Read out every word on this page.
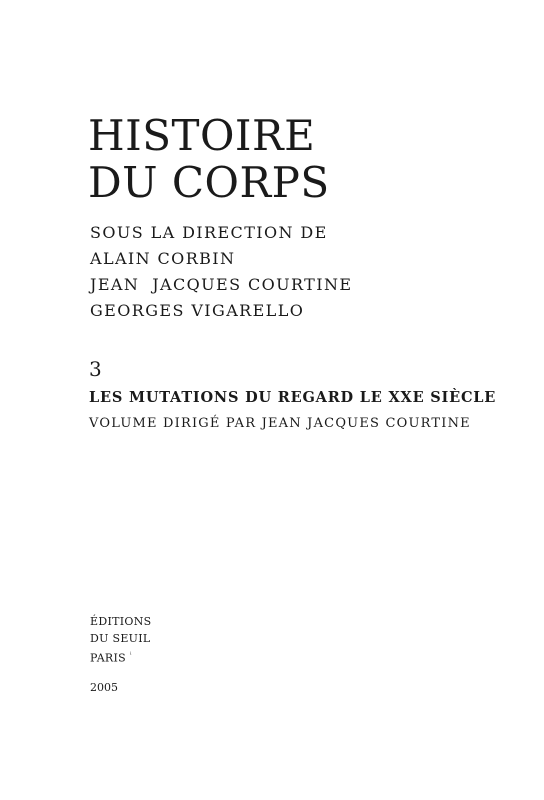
HISTOIRE
DU CORPS
SOUS LA DIRECTION DE
ALAIN CORBIN
JEAN  JACQUES COURTINE
GEORGES VIGARELLO
3
LES MUTATIONS DU REGARD LE XXE SIÈCLE
VOLUME DIRIGÉ PAR JEAN JACQUES COURTINE
ÉDITIONS
DU SEUIL
PARIS $^{^i}$
2005
